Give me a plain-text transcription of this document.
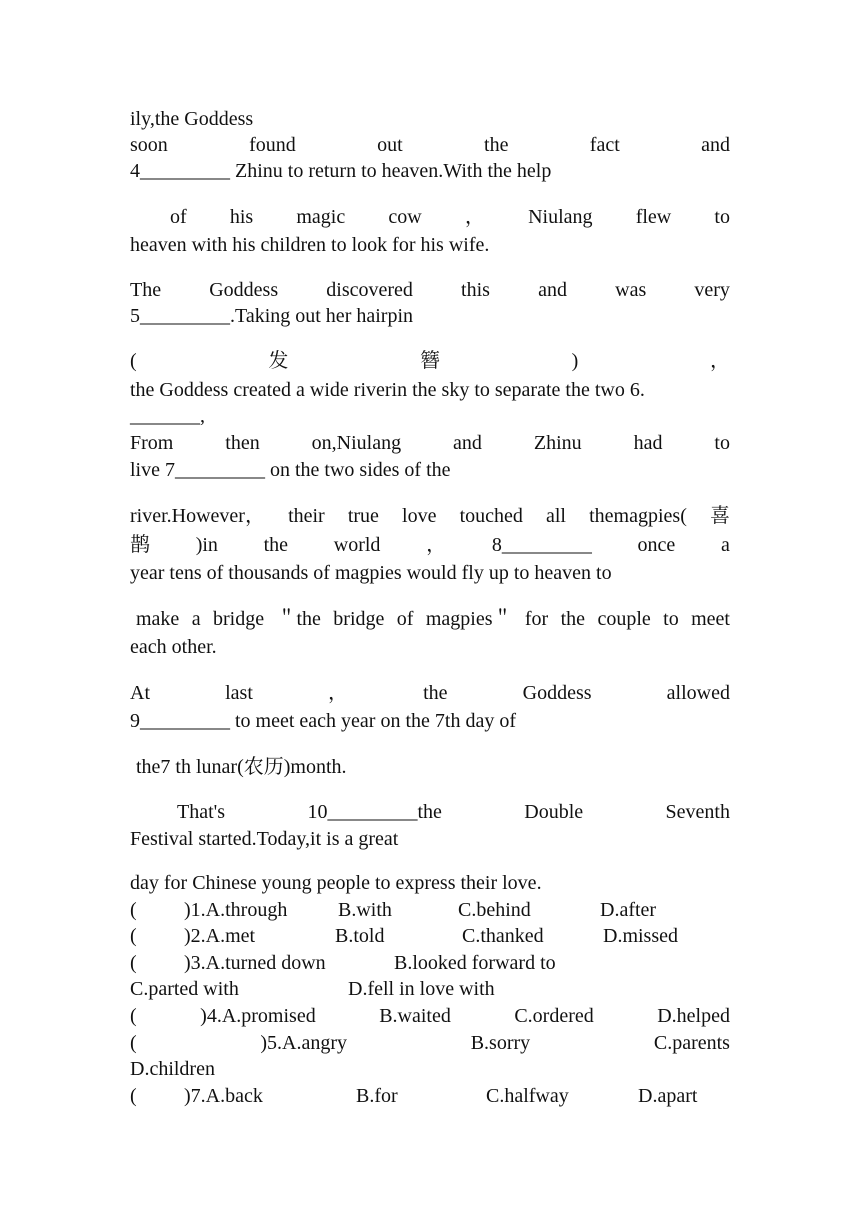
ily,the Goddess
soon	found	out	the	fact	and
4_________ Zhinu to return to heaven.With the help
of his magic cow ， Niulang flew to
heaven with his children to look for his wife.
The Goddess discovered this and was very
5_________.Taking out her hairpin
(	发	簪	)	，
the Goddess created a wide riverin the sky to separate the two 6.
_______,
From	then	on,Niulang	and	Zhinu	had	to
live 7_________ on the two sides of the
river.However， their true love touched all themagpies( 喜
鹊 )in the world ， 8_________ once a
year tens of thousands of magpies would fly up to heaven to
make a bridge ＂the bridge of magpies＂ for the couple to meet
each other.
At	last	，	the	Goddess	allowed
9_________ to meet each year on the 7th day of
the7 th lunar(农历)month.
That's	10_________the	Double	Seventh
Festival started.Today,it is a great
day for Chinese young people to express their love.
(	)1.A.through	B.with	C.behind	D.after
(	)2.A.met	B.told	C.thanked	D.missed
(	)3.A.turned down	B.looked forward to
C.parted with	D.fell in love with
(	)4.A.promised	B.waited	C.ordered	D.helped
(	)5.A.angry	B.sorry	C.parents
D.children
(	)7.A.back	B.for	C.halfway	D.apart
